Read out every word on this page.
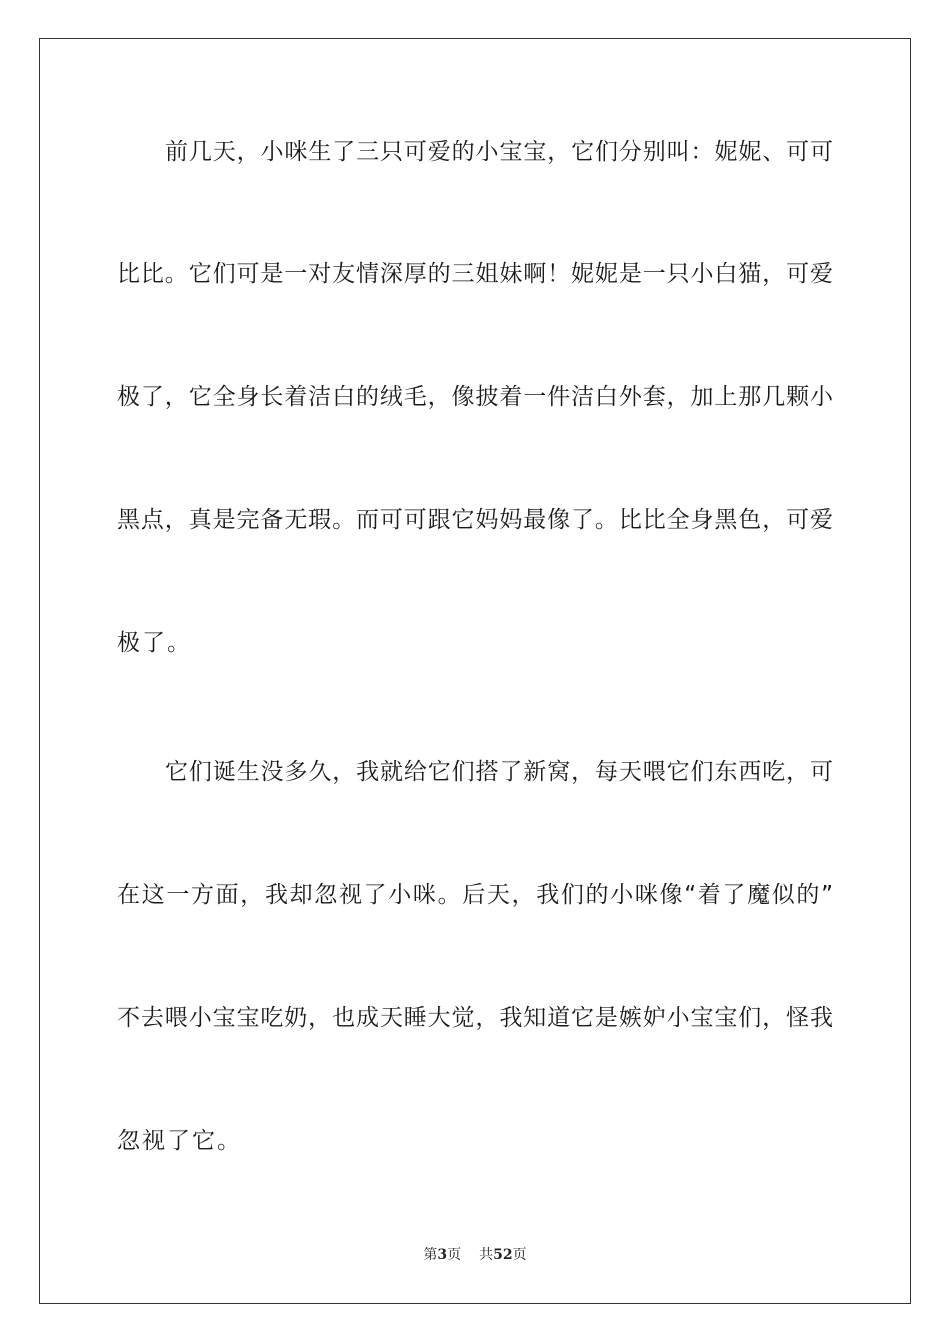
前几天，小咪生了三只可爱的小宝宝，它们分别叫：妮妮、可可

比比。它们可是一对友情深厚的三姐妹啊！妮妮是一只小白猫，可爱

极了，它全身长着洁白的绒毛，像披着一件洁白外套，加上那几颗小

黑点，真是完备无瑕。而可可跟它妈妈最像了。比比全身黑色，可爱

极了。

它们诞生没多久，我就给它们搭了新窝，每天喂它们东西吃，可

在这一方面，我却忽视了小咪。后天，我们的小咪像“着了魔似的”

不去喂小宝宝吃奶，也成天睡大觉，我知道它是嫉妒小宝宝们，怪我

忽视了它。

第3页 共52页
